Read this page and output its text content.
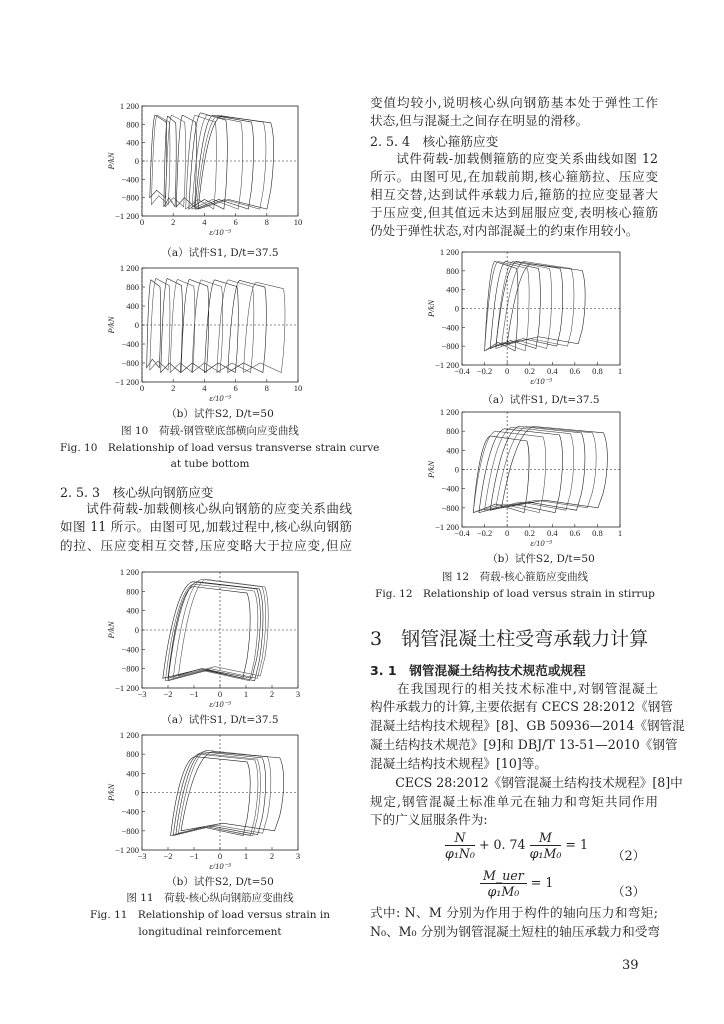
0	2	4	6	8	10
−1 200
−800
−400
0
400
800
1 200
ε/10⁻³
P/kN
（a）试件S1, D/t=37.5
0	2	4	6	8	10
−1 200
−800
−400
0
400
800
1 200
ε/10⁻³
P/kN
（b）试件S2, D/t=50
图 10　荷载-钢管壁底部横向应变曲线
Fig. 10　Relationship of load versus transverse strain curve
at tube bottom
2. 5. 3　核心纵向钢筋应变
　　试件荷载-加载侧核心纵向钢筋的应变关系曲线
如图 11 所示。由图可见,加载过程中,核心纵向钢筋
的拉、压应变相互交替,压应变略大于拉应变,但应
−3 −2 −1 0	1	2	3
−1 200
−800
−400
0
400
800
1 200
ε/10⁻³
P/kN
（a）试件S1, D/t=37.5
−3 −2 −1 0	1	2	3
−1 200
−800
−400
0
400
800
1 200
ε/10⁻³
P/kN
（b）试件S2, D/t=50
图 11　荷载-核心纵向钢筋应变曲线
Fig. 11　Relationship of load versus strain in
longitudinal reinforcement
变值均较小,说明核心纵向钢筋基本处于弹性工作
状态,但与混凝土之间存在明显的滑移。
2. 5. 4　核心箍筋应变
　　试件荷载-加载侧箍筋的应变关系曲线如图 12
所示。由图可见,在加载前期,核心箍筋拉、压应变
相互交替,达到试件承载力后,箍筋的拉应变显著大
于压应变,但其值远未达到屈服应变,表明核心箍筋
仍处于弹性状态,对内部混凝土的约束作用较小。
−0.4 −0.2 0 0.2 0.4 0.6 0.8 1
−1 200
−800
−400
0
400
800
1 200
ε/10⁻³
P/kN
（a）试件S1, D/t=37.5
−0.4 −0.2 0 0.2 0.4 0.6 0.8 1
−1 200
−800
−400
0
400
800
1 200
ε/10⁻³
P/kN
（b）试件S2, D/t=50
图 12　荷载-核心箍筋应变曲线
Fig. 12　Relationship of load versus strain in stirrup
3　钢管混凝土柱受弯承载力计算
3. 1　钢管混凝土结构技术规范或规程
　　在我国现行的相关技术标准中,对钢管混凝土
构件承载力的计算,主要依据有 CECS 28:2012《钢管
混凝土结构技术规程》[8]、GB 50936—2014《钢管混
凝土结构技术规范》[9]和 DBJ/T 13-51—2010《钢管
混凝土结构技术规程》[10]等。
　　CECS 28:2012《钢管混凝土结构技术规程》[8]中
规定,钢管混凝土标准单元在轴力和弯矩共同作用
下的广义屈服条件为:
$\frac{N}{\text{φ₁N₀}} + 0$. $74 \frac{M}{\text{φ₁M₀}} = 1$
（2）
$\frac{\text{M\_uer}}{\text{φ₁M₀}} = 1$
（3）
式中: N、M 分别为作用于构件的轴向压力和弯矩;
N₀、M₀ 分别为钢管混凝土短柱的轴压承载力和受弯
39
